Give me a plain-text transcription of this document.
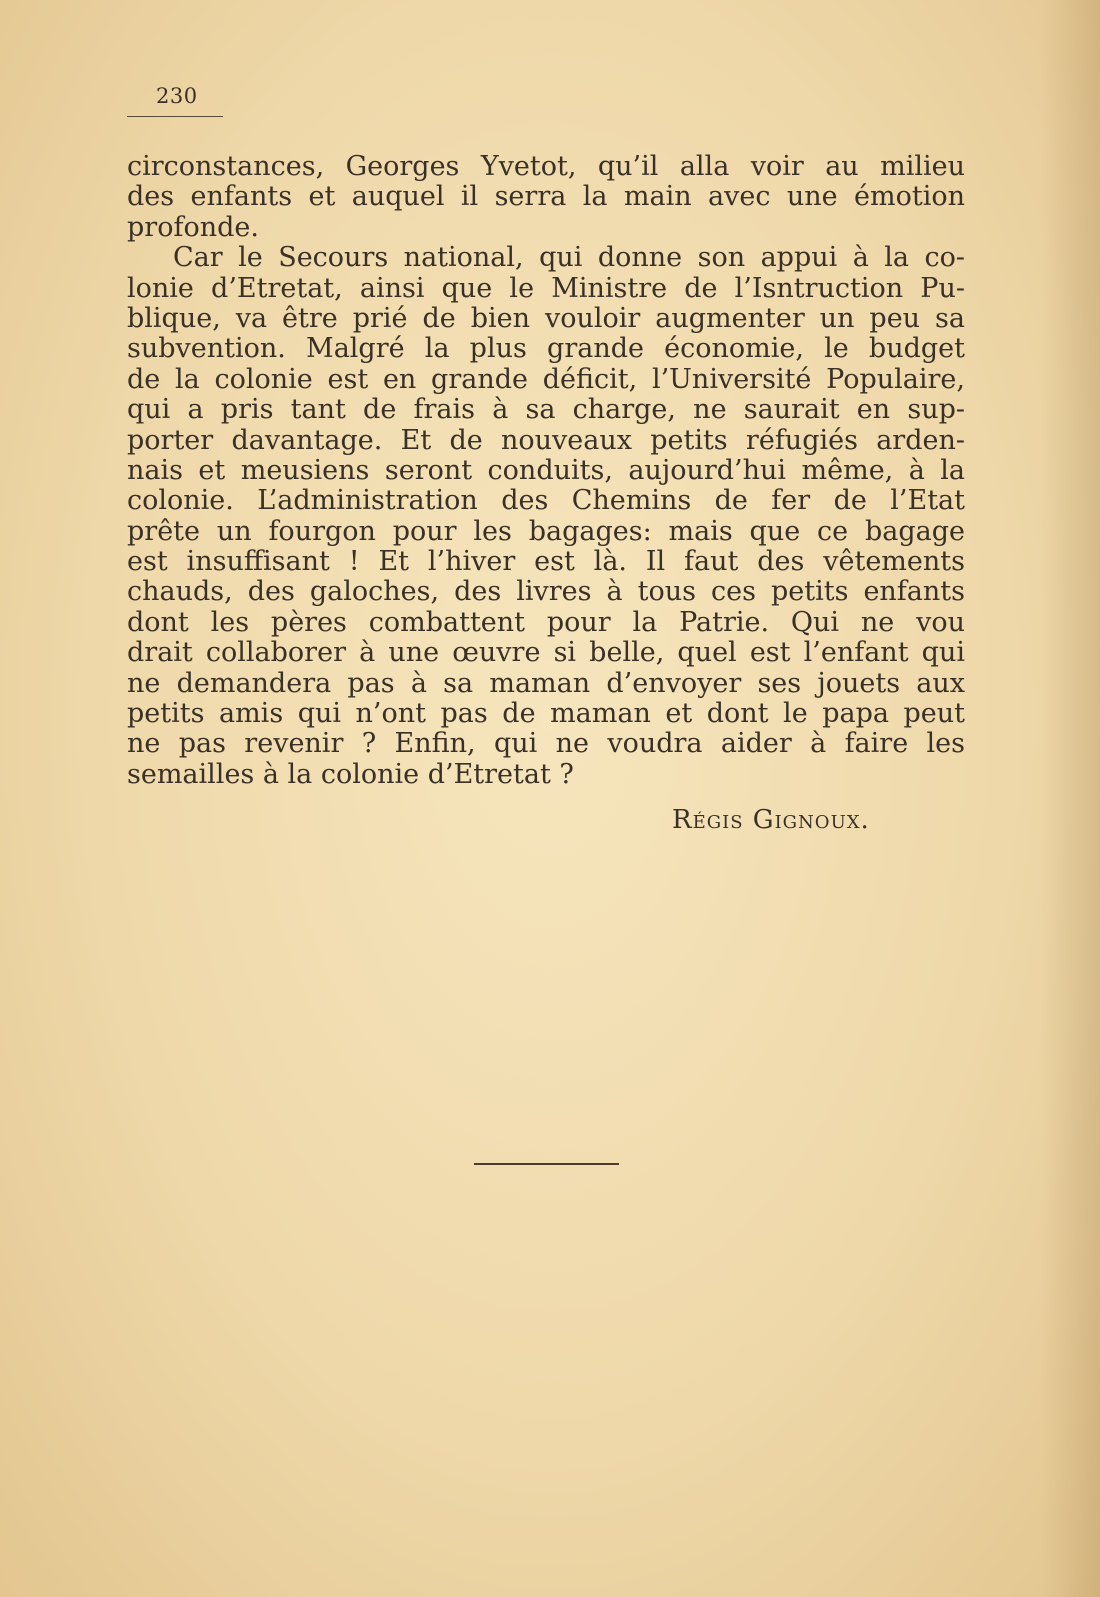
230
circonstances, Georges Yvetot, qu’il alla voir au milieu
des enfants et auquel il serra la main avec une émotion
profonde.
Car le Secours national, qui donne son appui à la co-
lonie d’Etretat, ainsi que le Ministre de l’Isntruction Pu-
blique, va être prié de bien vouloir augmenter un peu sa
subvention. Malgré la plus grande économie, le budget
de la colonie est en grande déficit, l’Université Populaire,
qui a pris tant de frais à sa charge, ne saurait en sup-
porter davantage. Et de nouveaux petits réfugiés arden-
nais et meusiens seront conduits, aujourd’hui même, à la
colonie. L’administration des Chemins de fer de l’Etat
prête un fourgon pour les bagages: mais que ce bagage
est insuffisant ! Et l’hiver est là. Il faut des vêtements
chauds, des galoches, des livres à tous ces petits enfants
dont les pères combattent pour la Patrie. Qui ne vou
drait collaborer à une œuvre si belle, quel est l’enfant qui
ne demandera pas à sa maman d’envoyer ses jouets aux
petits amis qui n’ont pas de maman et dont le papa peut
ne pas revenir ? Enfin, qui ne voudra aider à faire les
semailles à la colonie d’Etretat ?
Régis Gignoux.
